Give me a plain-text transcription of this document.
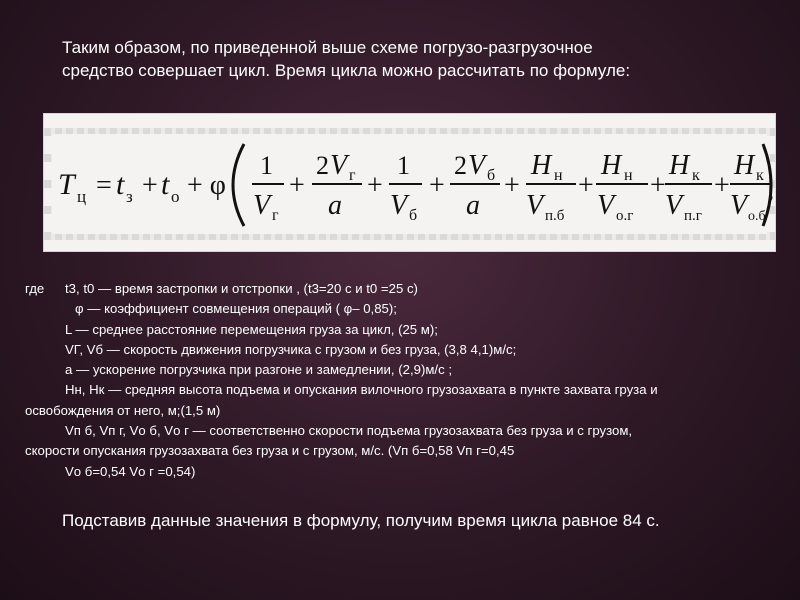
Таким образом, по приведенной выше схеме погрузо-разгрузочное
средство совершает цикл. Время цикла можно рассчитать по формуле:
T ц = t з + t о + φ
1
V г
+
2 V г
a
+
1
V б
+
2 V б
a
+
H н
V п.б
+
H н
V о.г
+
H к
V п.г
+
H к
V о.б
,
где t3, t0 — время застропки и отстропки , (t3=20 с и t0 =25 с)
φ — коэффициент совмещения операций ( φ– 0,85);
L — среднее расстояние перемещения груза за цикл, (25 м);
VГ, Vб — скорость движения погрузчика с грузом и без груза, (3,8 4,1)м/с;
а — ускорение погрузчика при разгоне и замедлении, (2,9)м/с ;
Нн, Нк — средняя высота подъема и опускания вилочного грузозахвата в пункте захвата груза и
освобождения от него, м;(1,5 м)
Vп б, Vп г, Vо б, Vо г — соответственно скорости подъема грузозахвата без груза и с грузом,
скорости опускания грузозахвата без груза и с грузом, м/с. (Vп б=0,58 Vп г=0,45
Vо б=0,54 Vо г =0,54)
Подставив данные значения в формулу, получим время цикла равное 84 с.
